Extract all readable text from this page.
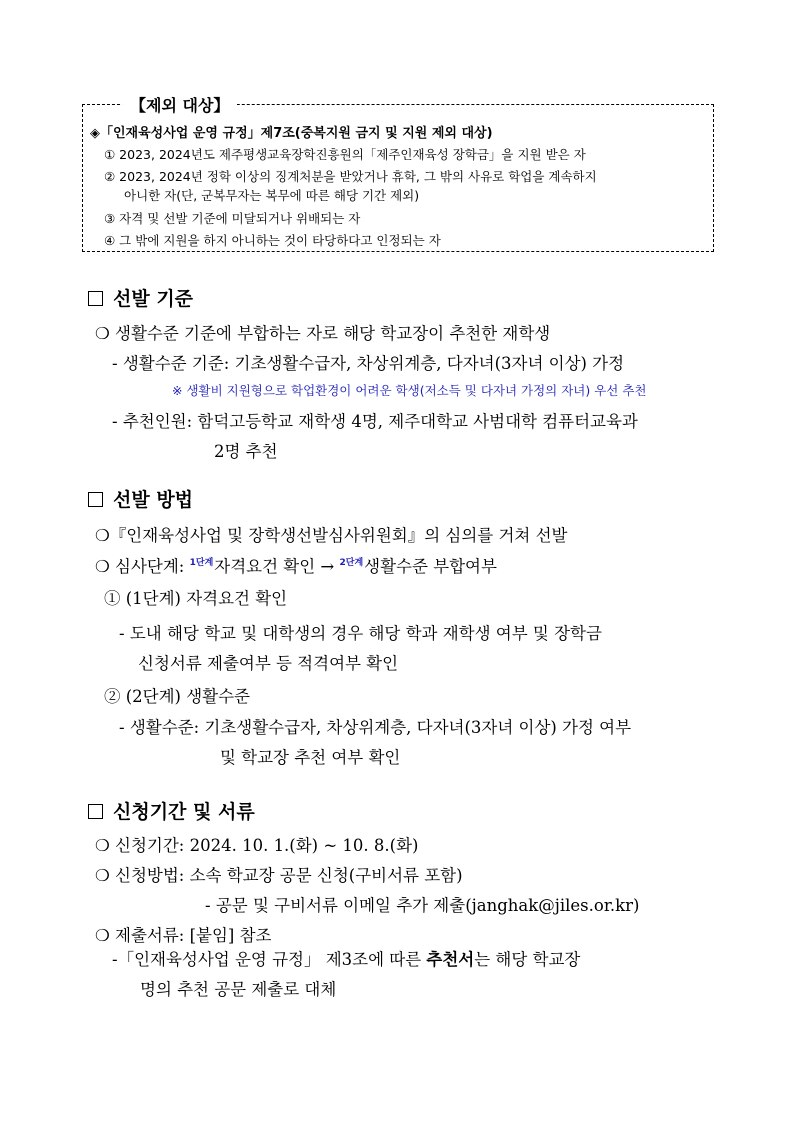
【제외 대상】
◈「인재육성사업 운영 규정」제7조(중복지원 금지 및 지원 제외 대상)
① 2023, 2024년도 제주평생교육장학진흥원의「제주인재육성 장학금」을 지원 받은 자
② 2023, 2024년 정학 이상의 징계처분을 받았거나 휴학, 그 밖의 사유로 학업을 계속하지
아니한 자(단, 군복무자는 복무에 따른 해당 기간 제외)
③ 자격 및 선발 기준에 미달되거나 위배되는 자
④ 그 밖에 지원을 하지 아니하는 것이 타당하다고 인정되는 자
선발 기준
❍ 생활수준 기준에 부합하는 자로 해당 학교장이 추천한 재학생
- 생활수준 기준: 기초생활수급자, 차상위계층, 다자녀(3자녀 이상) 가정
※ 생활비 지원형으로 학업환경이 어려운 학생(저소득 및 다자녀 가정의 자녀) 우선 추천
- 추천인원: 함덕고등학교 재학생 4명, 제주대학교 사범대학 컴퓨터교육과
2명 추천
선발 방법
❍『인재육성사업 및 장학생선발심사위원회』의 심의를 거쳐 선발
❍ 심사단계: $^{1단계}$자격요건 확인 → $^{2단계}$생활수준 부합여부
① (1단계) 자격요건 확인
- 도내 해당 학교 및 대학생의 경우 해당 학과 재학생 여부 및 장학금
신청서류 제출여부 등 적격여부 확인
② (2단계) 생활수준
- 생활수준: 기초생활수급자, 차상위계층, 다자녀(3자녀 이상) 가정 여부
및 학교장 추천 여부 확인
신청기간 및 서류
❍ 신청기간: 2024. 10. 1.(화) ~ 10. 8.(화)
❍ 신청방법: 소속 학교장 공문 신청(구비서류 포함)
- 공문 및 구비서류 이메일 추가 제출(janghak@jiles.or.kr)
❍ 제출서류: [붙임] 참조
-「인재육성사업 운영 규정」 제3조에 따른 추천서는 해당 학교장
명의 추천 공문 제출로 대체
